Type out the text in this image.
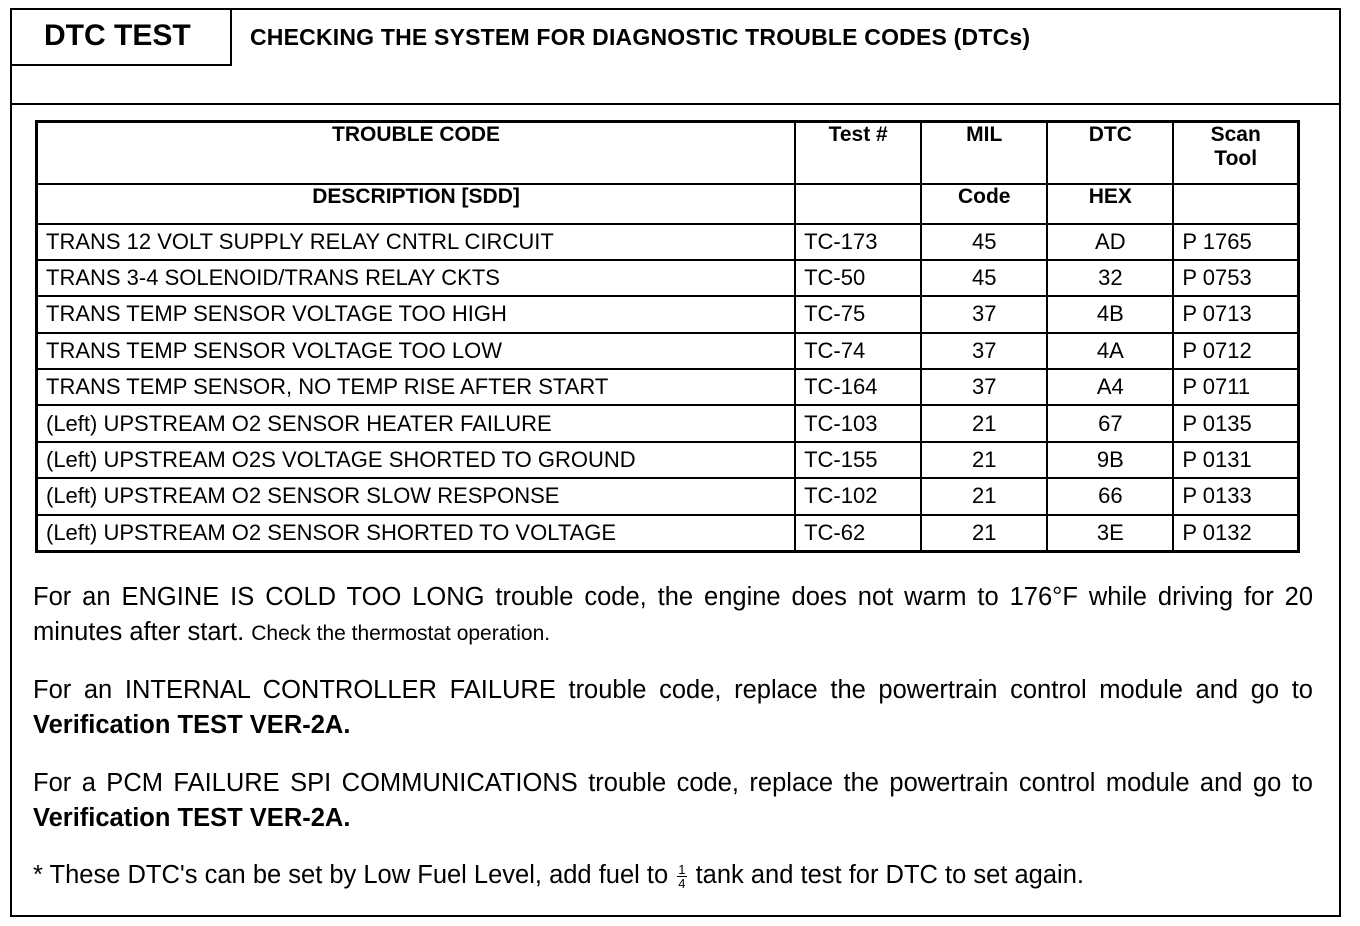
DTC TEST	CHECKING THE SYSTEM FOR DIAGNOSTIC TROUBLE CODES (DTCs)
TROUBLE CODE	Test #	MIL	DTC	Scan Tool
DESCRIPTION [SDD]		Code	HEX	
TRANS 12 VOLT SUPPLY RELAY CNTRL CIRCUIT	TC-173	45	AD	P 1765
TRANS 3-4 SOLENOID/TRANS RELAY CKTS	TC-50	45	32	P 0753
TRANS TEMP SENSOR VOLTAGE TOO HIGH	TC-75	37	4B	P 0713
TRANS TEMP SENSOR VOLTAGE TOO LOW	TC-74	37	4A	P 0712
TRANS TEMP SENSOR, NO TEMP RISE AFTER START	TC-164	37	A4	P 0711
(Left) UPSTREAM O2 SENSOR HEATER FAILURE	TC-103	21	67	P 0135
(Left) UPSTREAM O2S VOLTAGE SHORTED TO GROUND	TC-155	21	9B	P 0131
(Left) UPSTREAM O2 SENSOR SLOW RESPONSE	TC-102	21	66	P 0133
(Left) UPSTREAM O2 SENSOR SHORTED TO VOLTAGE	TC-62	21	3E	P 0132
For an ENGINE IS COLD TOO LONG trouble code, the engine does not warm to 176°F while driving for 20 minutes after start. Check the thermostat operation.
For an INTERNAL CONTROLLER FAILURE trouble code, replace the powertrain control module and go to Verification TEST VER-2A.
For a PCM FAILURE SPI COMMUNICATIONS trouble code, replace the powertrain control module and go to Verification TEST VER-2A.
* These DTC's can be set by Low Fuel Level, add fuel to $\frac{1}{4}$ tank and test for DTC to set again.
